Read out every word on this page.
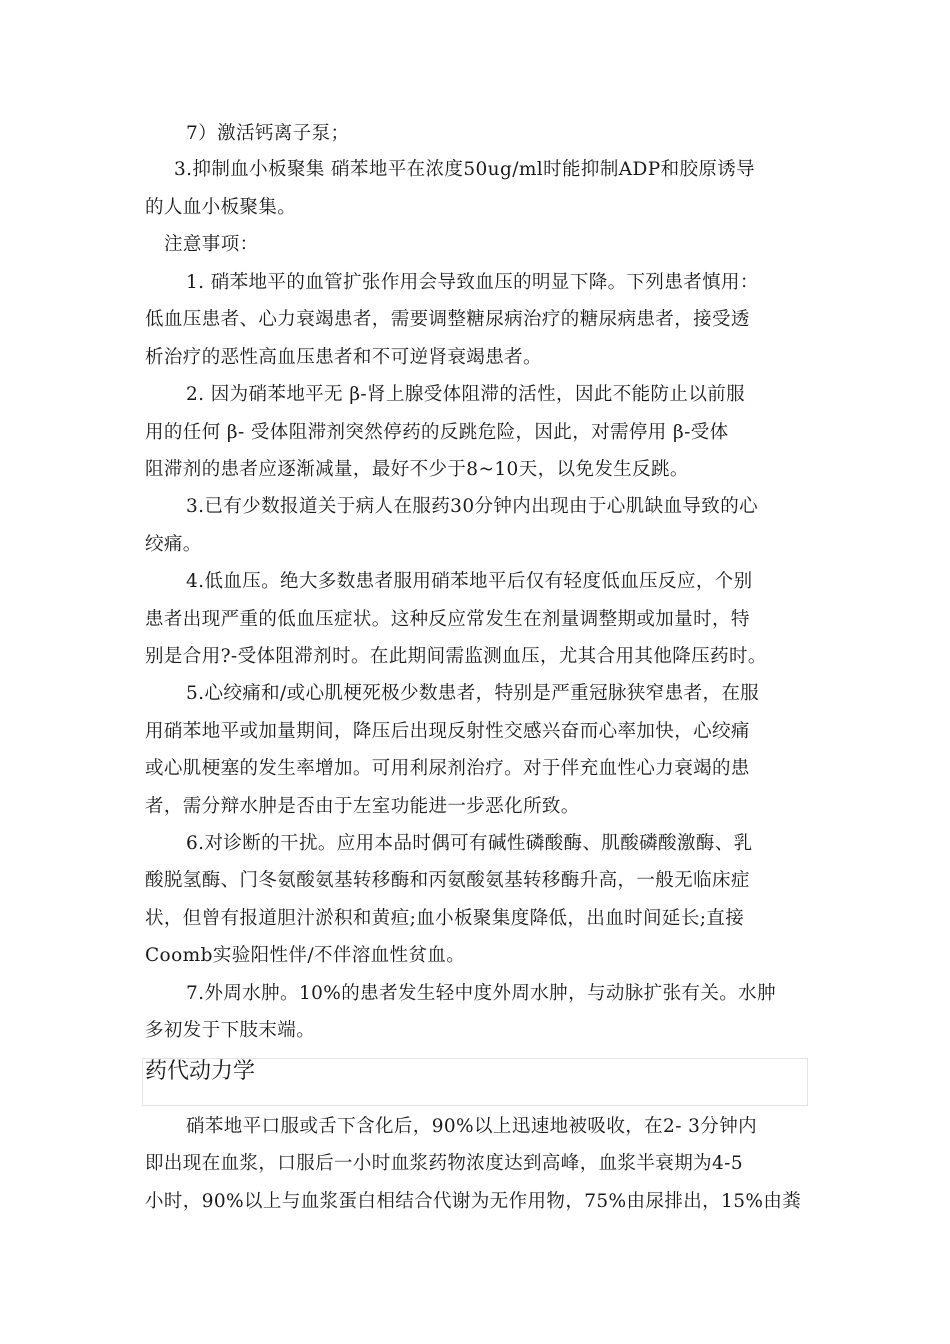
7）激活钙离子泵；
3.抑制血小板聚集 硝苯地平在浓度50ug/ml时能抑制ADP和胶原诱导
的人血小板聚集。
注意事项：
1. 硝苯地平的血管扩张作用会导致血压的明显下降。下列患者慎用：
低血压患者、心力衰竭患者，需要调整糖尿病治疗的糖尿病患者，接受透
析治疗的恶性高血压患者和不可逆肾衰竭患者。
2. 因为硝苯地平无 β-肾上腺受体阻滞的活性，因此不能防止以前服
用的任何 β- 受体阻滞剂突然停药的反跳危险，因此，对需停用 β-受体
阻滞剂的患者应逐渐减量，最好不少于8~10天，以免发生反跳。
3.已有少数报道关于病人在服药30分钟内出现由于心肌缺血导致的心
绞痛。
4.低血压。绝大多数患者服用硝苯地平后仅有轻度低血压反应，个别
患者出现严重的低血压症状。这种反应常发生在剂量调整期或加量时，特
别是合用?-受体阻滞剂时。在此期间需监测血压，尤其合用其他降压药时。
5.心绞痛和/或心肌梗死极少数患者，特别是严重冠脉狭窄患者，在服
用硝苯地平或加量期间，降压后出现反射性交感兴奋而心率加快，心绞痛
或心肌梗塞的发生率增加。可用利尿剂治疗。对于伴充血性心力衰竭的患
者，需分辩水肿是否由于左室功能进一步恶化所致。
6.对诊断的干扰。应用本品时偶可有碱性磷酸酶、肌酸磷酸激酶、乳
酸脱氢酶、门冬氨酸氨基转移酶和丙氨酸氨基转移酶升高，一般无临床症
状，但曾有报道胆汁淤积和黄疸;血小板聚集度降低，出血时间延长;直接
Coomb实验阳性伴/不伴溶血性贫血。
7.外周水肿。10%的患者发生轻中度外周水肿，与动脉扩张有关。水肿
多初发于下肢末端。
药代动力学
硝苯地平口服或舌下含化后，90%以上迅速地被吸收，在2- 3分钟内
即出现在血浆，口服后一小时血浆药物浓度达到高峰，血浆半衰期为4-5
小时，90%以上与血浆蛋白相结合代谢为无作用物，75%由尿排出，15%由粪
